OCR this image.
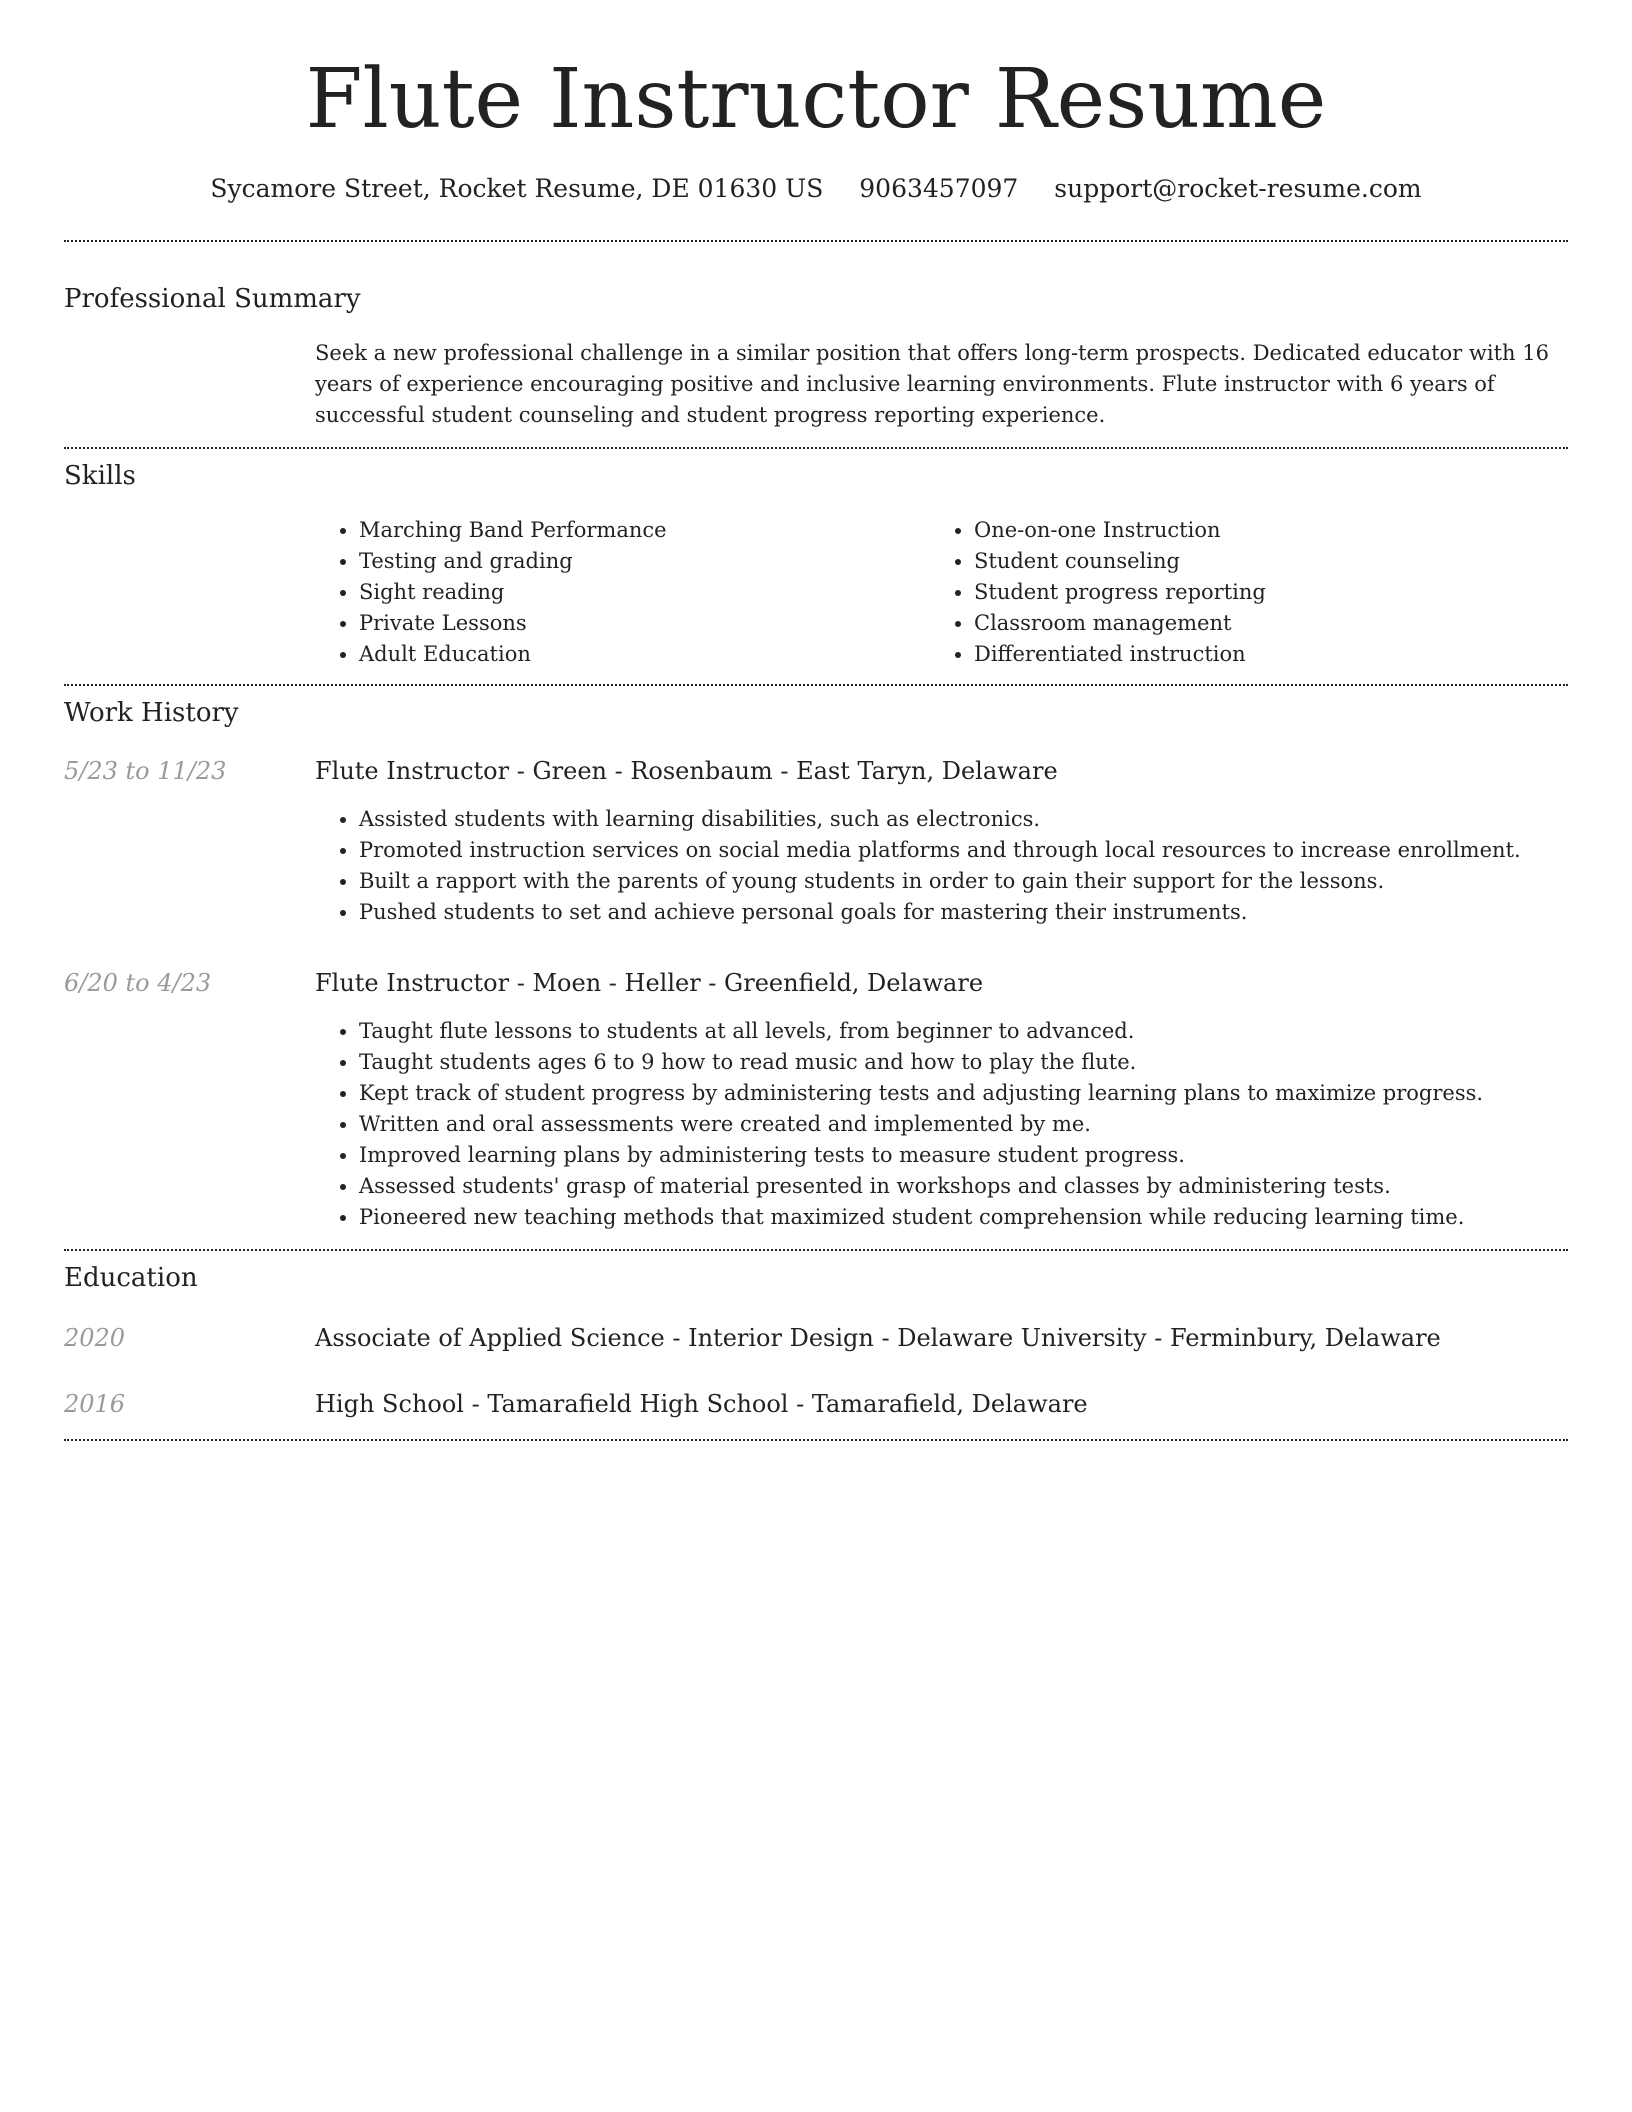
Flute Instructor Resume
Sycamore Street, Rocket Resume, DE 01630 US 9063457097 support@rocket-resume.com
Professional Summary
Seek a new professional challenge in a similar position that offers long-term prospects. Dedicated educator with 16 years of experience encouraging positive and inclusive learning environments. Flute instructor with 6 years of successful student counseling and student progress reporting experience.
Skills
• Marching Band Performance
• Testing and grading
• Sight reading
• Private Lessons
• Adult Education
• One-on-one Instruction
• Student counseling
• Student progress reporting
• Classroom management
• Differentiated instruction
Work History
5/23 to 11/23	Flute Instructor - Green - Rosenbaum - East Taryn, Delaware
• Assisted students with learning disabilities, such as electronics.
• Promoted instruction services on social media platforms and through local resources to increase enrollment.
• Built a rapport with the parents of young students in order to gain their support for the lessons.
• Pushed students to set and achieve personal goals for mastering their instruments.
6/20 to 4/23	Flute Instructor - Moen - Heller - Greenfield, Delaware
• Taught flute lessons to students at all levels, from beginner to advanced.
• Taught students ages 6 to 9 how to read music and how to play the flute.
• Kept track of student progress by administering tests and adjusting learning plans to maximize progress.
• Written and oral assessments were created and implemented by me.
• Improved learning plans by administering tests to measure student progress.
• Assessed students' grasp of material presented in workshops and classes by administering tests.
• Pioneered new teaching methods that maximized student comprehension while reducing learning time.
Education
2020	Associate of Applied Science - Interior Design - Delaware University - Ferminbury, Delaware
2016	High School - Tamarafield High School - Tamarafield, Delaware
